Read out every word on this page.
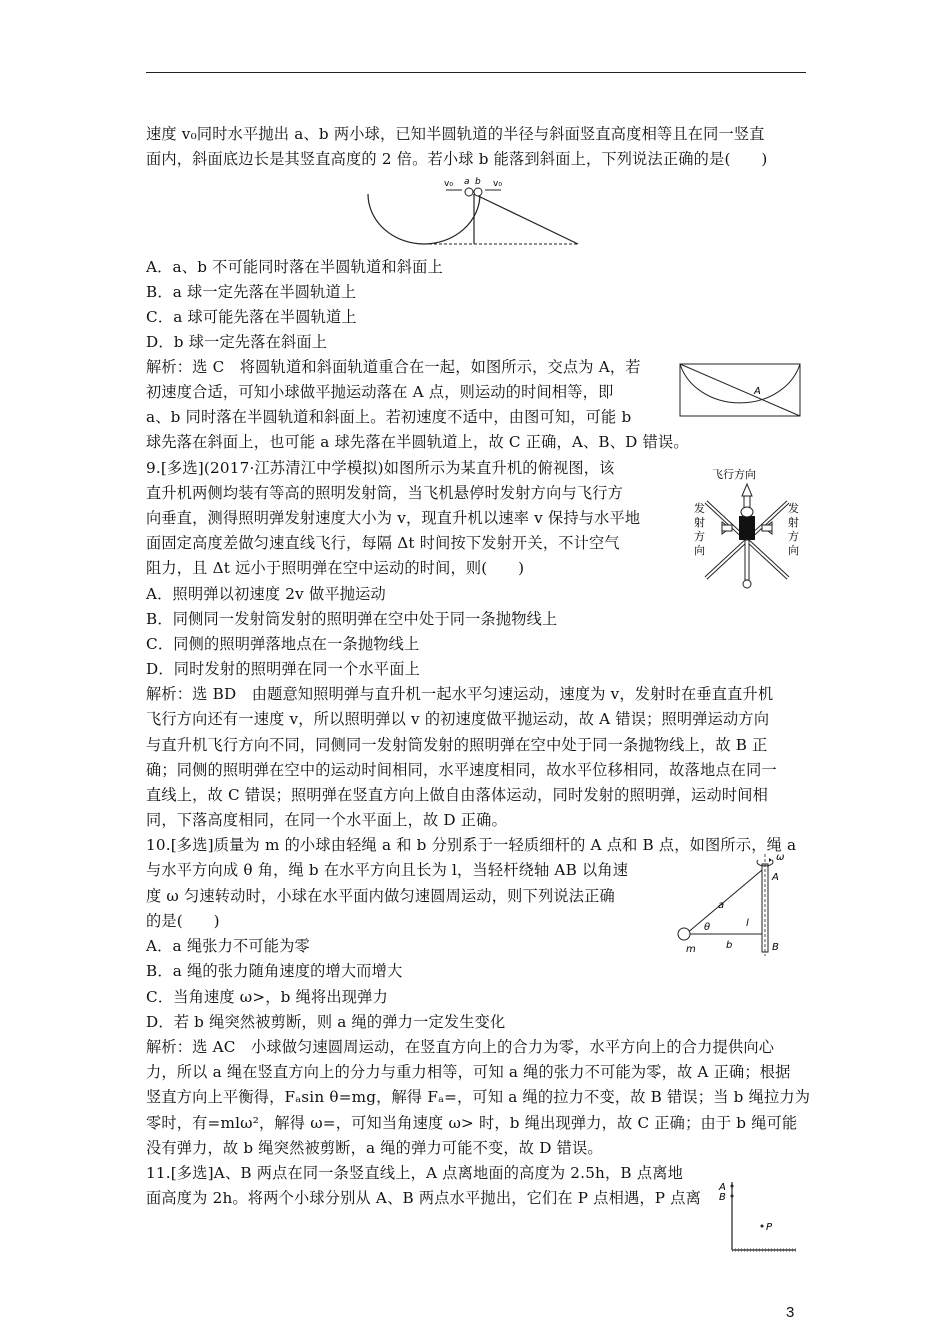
速度 v₀同时水平抛出 a、b 两小球，已知半圆轨道的半径与斜面竖直高度相等且在同一竖直
面内，斜面底边长是其竖直高度的 2 倍。若小球 b 能落到斜面上，下列说法正确的是(　　)
A．a、b 不可能同时落在半圆轨道和斜面上
B．a 球一定先落在半圆轨道上
C．a 球可能先落在半圆轨道上
D．b 球一定先落在斜面上
解析：选 C　将圆轨道和斜面轨道重合在一起，如图所示，交点为 A，若
初速度合适，可知小球做平抛运动落在 A 点，则运动的时间相等，即
a、b 同时落在半圆轨道和斜面上。若初速度不适中，由图可知，可能 b
球先落在斜面上，也可能 a 球先落在半圆轨道上，故 C 正确，A、B、D 错误。
9.[多选](2017·江苏清江中学模拟)如图所示为某直升机的俯视图，该
直升机两侧均装有等高的照明发射筒，当飞机悬停时发射方向与飞行方
向垂直，测得照明弹发射速度大小为 v，现直升机以速率 v 保持与水平地
面固定高度差做匀速直线飞行，每隔 Δt 时间按下发射开关，不计空气
阻力，且 Δt 远小于照明弹在空中运动的时间，则(　　)
A．照明弹以初速度 2v 做平抛运动
B．同侧同一发射筒发射的照明弹在空中处于同一条抛物线上
C．同侧的照明弹落地点在一条抛物线上
D．同时发射的照明弹在同一个水平面上
解析：选 BD　由题意知照明弹与直升机一起水平匀速运动，速度为 v，发射时在垂直直升机
飞行方向还有一速度 v，所以照明弹以 v 的初速度做平抛运动，故 A 错误；照明弹运动方向
与直升机飞行方向不同，同侧同一发射筒发射的照明弹在空中处于同一条抛物线上，故 B 正
确；同侧的照明弹在空中的运动时间相同，水平速度相同，故水平位移相同，故落地点在同一
直线上，故 C 错误；照明弹在竖直方向上做自由落体运动，同时发射的照明弹，运动时间相
同，下落高度相同，在同一个水平面上，故 D 正确。
10.[多选]质量为 m 的小球由轻绳 a 和 b 分别系于一轻质细杆的 A 点和 B 点，如图所示，绳 a
与水平方向成 θ 角，绳 b 在水平方向且长为 l，当轻杆绕轴 AB 以角速
度 ω 匀速转动时，小球在水平面内做匀速圆周运动，则下列说法正确
的是(　　)
A．a 绳张力不可能为零
B．a 绳的张力随角速度的增大而增大
C．当角速度 ω>，b 绳将出现弹力
D．若 b 绳突然被剪断，则 a 绳的弹力一定发生变化
解析：选 AC　小球做匀速圆周运动，在竖直方向上的合力为零，水平方向上的合力提供向心
力，所以 a 绳在竖直方向上的分力与重力相等，可知 a 绳的张力不可能为零，故 A 正确；根据
竖直方向上平衡得，Fₐsin θ=mg，解得 Fₐ=，可知 a 绳的拉力不变，故 B 错误；当 b 绳拉力为
零时，有=mlω²，解得 ω=，可知当角速度 ω> 时，b 绳出现弹力，故 C 正确；由于 b 绳可能
没有弹力，故 b 绳突然被剪断，a 绳的弹力可能不变，故 D 错误。
11.[多选]A、B 两点在同一条竖直线上，A 点离地面的高度为 2.5h，B 点离地
面高度为 2h。将两个小球分别从 A、B 两点水平抛出，它们在 P 点相遇，P 点离
v₀ a b v₀
A
飞行方向
发
射
方
向
发
射
方
向
ω
A
B
a
θ	l
b
m
A
B
P
3
